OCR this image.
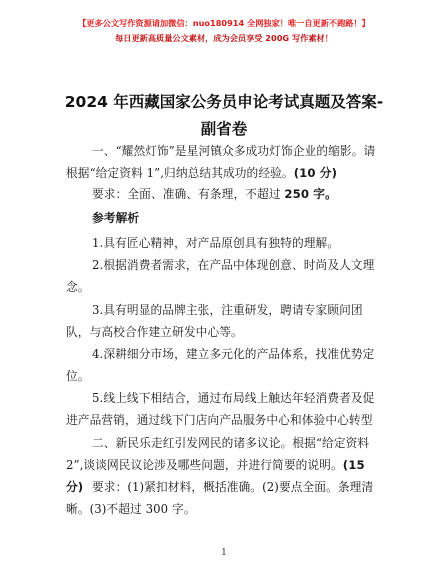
【更多公文写作资源请加微信：nuo180914 全网独家！唯一自更新不跑路！】
每日更新高质量公文素材，成为会员享受 200G 写作素材！
2024 年西藏国家公务员申论考试真题及答案-
副省卷
一、“耀然灯饰”是星河镇众多成功灯饰企业的缩影。请根据“给定资料 1”,归纳总结其成功的经验。(10 分)
要求：全面、准确、有条理，不超过 250 字。
参考解析
1.具有匠心精神，对产品原创具有独特的理解。
2.根据消费者需求，在产品中体现创意、时尚及人文理念。
3.具有明显的品牌主张，注重研发，聘请专家顾问团队，与高校合作建立研发中心等。
4.深耕细分市场，建立多元化的产品体系，找准优势定位。
5.线上线下相结合，通过布局线上触达年轻消费者及促进产品营销，通过线下门店向产品服务中心和体验中心转型
二、新民乐走红引发网民的诸多议论。根据“给定资料 2”,谈谈网民议论涉及哪些问题，并进行简要的说明。(15 分) 要求：(1)紧扣材料，概括准确。(2)要点全面。条理清晰。(3)不超过 300 字。
1
